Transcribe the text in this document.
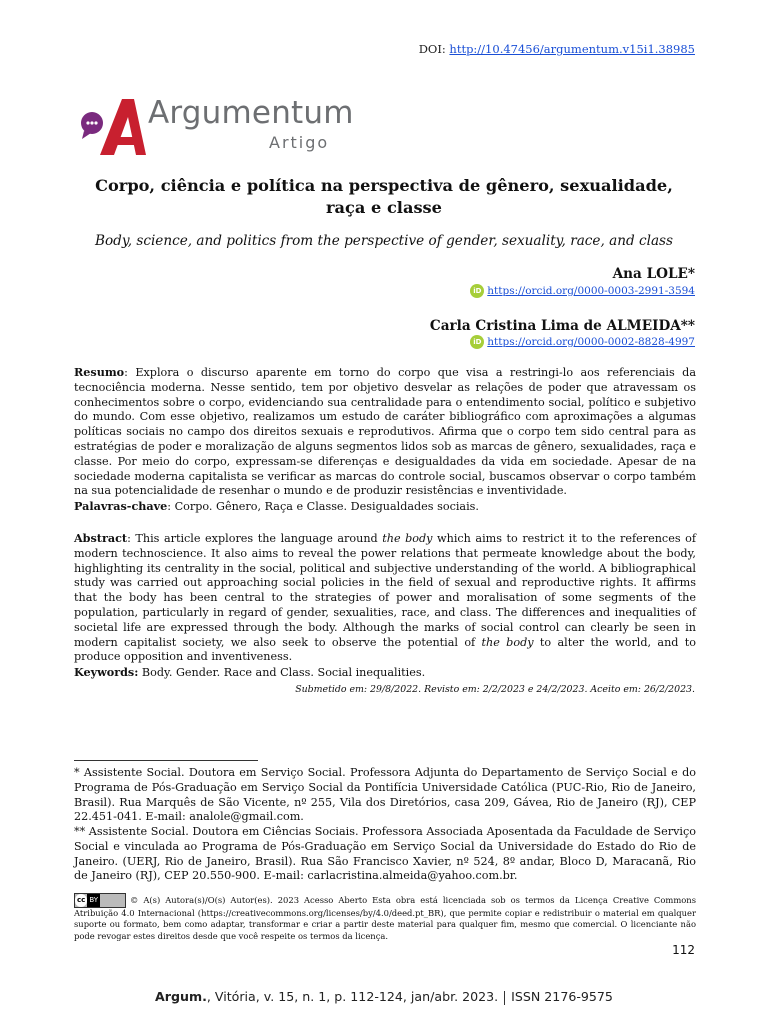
DOI: http://10.47456/argumentum.v15i1.38985
Argumentum
Artigo
Corpo, ciência e política na perspectiva de gênero, sexualidade, raça e classe
Body, science, and politics from the perspective of gender, sexuality, race, and class
Ana LOLE*
iD https://orcid.org/0000-0003-2991-3594
Carla Cristina Lima de ALMEIDA**
iD https://orcid.org/0000-0002-8828-4997
Resumo: Explora o discurso aparente em torno do corpo que visa a restringi-lo aos referenciais da tecnociência moderna. Nesse sentido, tem por objetivo desvelar as relações de poder que atravessam os conhecimentos sobre o corpo, evidenciando sua centralidade para o entendimento social, político e subjetivo do mundo. Com esse objetivo, realizamos um estudo de caráter bibliográfico com aproximações a algumas políticas sociais no campo dos direitos sexuais e reprodutivos. Afirma que o corpo tem sido central para as estratégias de poder e moralização de alguns segmentos lidos sob as marcas de gênero, sexualidades, raça e classe. Por meio do corpo, expressam-se diferenças e desigualdades da vida em sociedade. Apesar de na sociedade moderna capitalista se verificar as marcas do controle social, buscamos observar o corpo também na sua potencialidade de resenhar o mundo e de produzir resistências e inventividade.
Palavras-chave: Corpo. Gênero, Raça e Classe. Desigualdades sociais.
Abstract: This article explores the language around the body which aims to restrict it to the references of modern technoscience. It also aims to reveal the power relations that permeate knowledge about the body, highlighting its centrality in the social, political and subjective understanding of the world. A bibliographical study was carried out approaching social policies in the field of sexual and reproductive rights. It affirms that the body has been central to the strategies of power and moralisation of some segments of the population, particularly in regard of gender, sexualities, race, and class. The differences and inequalities of societal life are expressed through the body. Although the marks of social control can clearly be seen in modern capitalist society, we also seek to observe the potential of the body to alter the world, and to produce opposition and inventiveness.
Keywords: Body. Gender. Race and Class. Social inequalities.
Submetido em: 29/8/2022. Revisto em: 2/2/2023 e 24/2/2023. Aceito em: 26/2/2023.
* Assistente Social. Doutora em Serviço Social. Professora Adjunta do Departamento de Serviço Social e do Programa de Pós-Graduação em Serviço Social da Pontifícia Universidade Católica (PUC-Rio, Rio de Janeiro, Brasil). Rua Marquês de São Vicente, nº 255, Vila dos Diretórios, casa 209, Gávea, Rio de Janeiro (RJ), CEP 22.451-041. E-mail: analole@gmail.com.
** Assistente Social. Doutora em Ciências Sociais. Professora Associada Aposentada da Faculdade de Serviço Social e vinculada ao Programa de Pós-Graduação em Serviço Social da Universidade do Estado do Rio de Janeiro. (UERJ, Rio de Janeiro, Brasil). Rua São Francisco Xavier, nº 524, 8º andar, Bloco D, Maracanã, Rio de Janeiro (RJ), CEP 20.550-900. E-mail: carlacristina.almeida@yahoo.com.br.
cc BY	© A(s) Autora(s)/O(s) Autor(es). 2023 Acesso Aberto Esta obra está licenciada sob os termos da Licença Creative Commons Atribuição 4.0 Internacional (https://creativecommons.org/licenses/by/4.0/deed.pt_BR), que permite copiar e redistribuir o material em qualquer suporte ou formato, bem como adaptar, transformar e criar a partir deste material para qualquer fim, mesmo que comercial. O licenciante não pode revogar estes direitos desde que você respeite os termos da licença.
112
Argum., Vitória, v. 15, n. 1, p. 112-124, jan/abr. 2023. ISSN 2176-9575
